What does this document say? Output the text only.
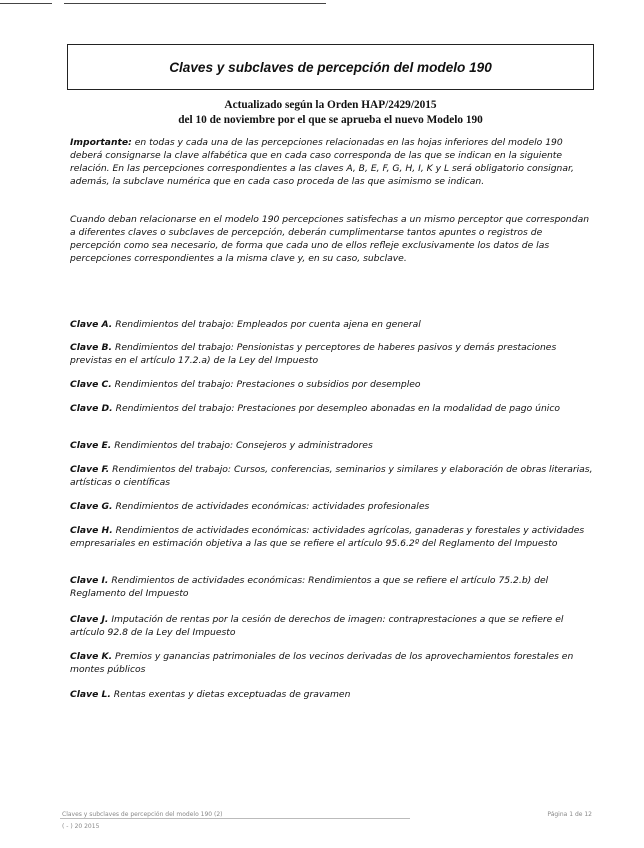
Claves y subclaves de percepción del modelo 190
Actualizado según la Orden HAP/2429/2015
del 10 de noviembre por el que se aprueba el nuevo Modelo 190
Importante: en todas y cada una de las percepciones relacionadas en las hojas inferiores del modelo 190 deberá consignarse la clave alfabética que en cada caso corresponda de las que se indican en la siguiente relación. En las percepciones correspondientes a las claves A, B, E, F, G, H, I, K y L será obligatorio consignar, además, la subclave numérica que en cada caso proceda de las que asimismo se indican.
Cuando deban relacionarse en el modelo 190 percepciones satisfechas a un mismo perceptor que correspondan a diferentes claves o subclaves de percepción, deberán cumplimentarse tantos apuntes o registros de percepción como sea necesario, de forma que cada uno de ellos refleje exclusivamente los datos de las percepciones correspondientes a la misma clave y, en su caso, subclave.
Clave A. Rendimientos del trabajo: Empleados por cuenta ajena en general
Clave B. Rendimientos del trabajo: Pensionistas y perceptores de haberes pasivos y demás prestaciones previstas en el artículo 17.2.a) de la Ley del Impuesto
Clave C. Rendimientos del trabajo: Prestaciones o subsidios por desempleo
Clave D. Rendimientos del trabajo: Prestaciones por desempleo abonadas en la modalidad de pago único
Clave E. Rendimientos del trabajo: Consejeros y administradores
Clave F. Rendimientos del trabajo: Cursos, conferencias, seminarios y similares y elaboración de obras literarias, artísticas o científicas
Clave G. Rendimientos de actividades económicas: actividades profesionales
Clave H. Rendimientos de actividades económicas: actividades agrícolas, ganaderas y forestales y actividades empresariales en estimación objetiva a las que se refiere el artículo 95.6.2º del Reglamento del Impuesto
Clave I. Rendimientos de actividades económicas: Rendimientos a que se refiere el artículo 75.2.b) del Reglamento del Impuesto
Clave J. Imputación de rentas por la cesión de derechos de imagen: contraprestaciones a que se refiere el artículo 92.8 de la Ley del Impuesto
Clave K. Premios y ganancias patrimoniales de los vecinos derivadas de los aprovechamientos forestales en montes públicos
Clave L. Rentas exentas y dietas exceptuadas de gravamen
Claves y subclaves de percepción del modelo 190 (2)
( - ) 20 2015
Página 1 de 12
